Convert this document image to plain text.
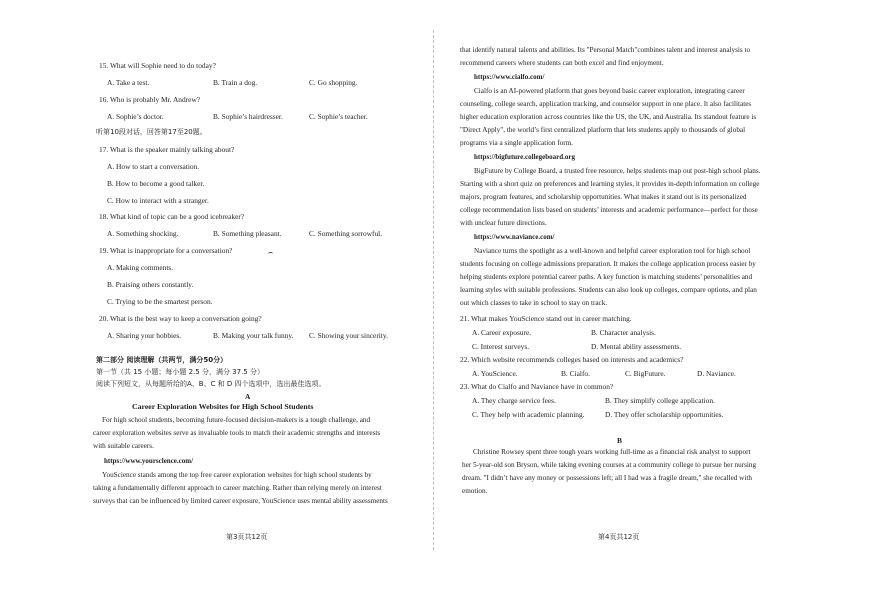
15. What will Sophie need to do today?
A. Take a test.	B. Train a dog.	C. Go shopping.
16. Who is probably Mr. Andrew?
A. Sophie’s doctor.	B. Sophie’s hairdresser.	C. Sophie’s teacher.
听第10段对话，回答第17至20题。
17. What is the speaker mainly talking about?
A. How to start a conversation.
B. How to become a good talker.
C. How to interact with a stranger.
18. What kind of topic can be a good icebreaker?
A. Something shocking.	B. Something pleasant.	C. Something sorrowful.
19. What is inappropriate for a conversation?
A. Making comments.
B. Praising others constantly.
C. Trying to be the smartest person.
20. What is the best way to keep a conversation going?
A. Sharing your hobbies.	B. Making your talk funny. C. Showing your sincerity.
第二部分 阅读理解（共两节，满分50分）
第一节（共 15 小题；每小题 2.5 分，满分 37.5 分）
阅读下列短文，从每题所给的A、B、C 和 D 四个选项中，选出最佳选项。
A
Career Exploration Websites for High School Students
For high school students, becoming future-focused decision-makers is a tough challenge, and
career exploration websites serve as invaluable tools to match their academic strengths and interests
with suitable careers.
https://www.yoursclence.com/
YouScience stands among the top free career exploration websites for high school students by
taking a fundamentally different approach to career matching. Rather than relying merely on interest
surveys that can be influenced by limited career exposure, YouScience uses mental ability assessments
第3页共12页
that identify natural talents and abilities. Its "Personal Match"combines talent and interest analysis to
recommend careers where students can both excel and find enjoyment.
https://www.cialfo.com/
Cialfo is an AI-powered platform that goes beyond basic career exploration, integrating career
counseling, college search, application tracking, and counselor support in one place. It also facilitates
higher education exploration across countries like the US, the UK, and Australia. Its standout feature is
"Direct Apply", the world’s first centralized platform that lets students apply to thousands of global
programs via a single application form.
https://bigfuture.collegeboard.org
BigFuture by College Board, a trusted free resource, helps students map out post-high school plans.
Starting with a short quiz on preferences and learning styles, it provides in-depth information on college
majors, program features, and scholarship opportunities. What makes it stand out is its personalized
college recommendation lists based on students’ interests and academic performance—perfect for those
with unclear future directions.
https://www.naviance.com/
Naviance turns the spotlight as a well-known and helpful career exploration tool for high school
students focusing on college admissions preparation. It makes the college application process easier by
helping students explore potential career paths. A key function is matching students’ personalities and
learning styles with suitable professions. Students can also look up colleges, compare options, and plan
out which classes to take in school to stay on track.
21. What makes YouScience stand out in career matching.
A. Career exposure.	B. Character analysis.
C. Interest surveys.	D. Mental ability assessments.
22. Which website recommends colleges based on interests and academics?
A. YouScience.	B. Cialfo.	C. BigFuture.	D. Naviance.
23. What do Cialfo and Naviance have in common?
A. They charge service fees.	B. They simplify college application.
C. They help with academic planning.	D. They offer scholarship opportunities.
B
Christine Rowsey spent three tough years working full-time as a financial risk analyst to support
her 5-year-old son Bryson, while taking evening courses at a community college to pursue her nursing
dream. "I didn’t have any money or possessions left; all I had was a fragile dream," she recalled with
emotion.
第4页共12页
